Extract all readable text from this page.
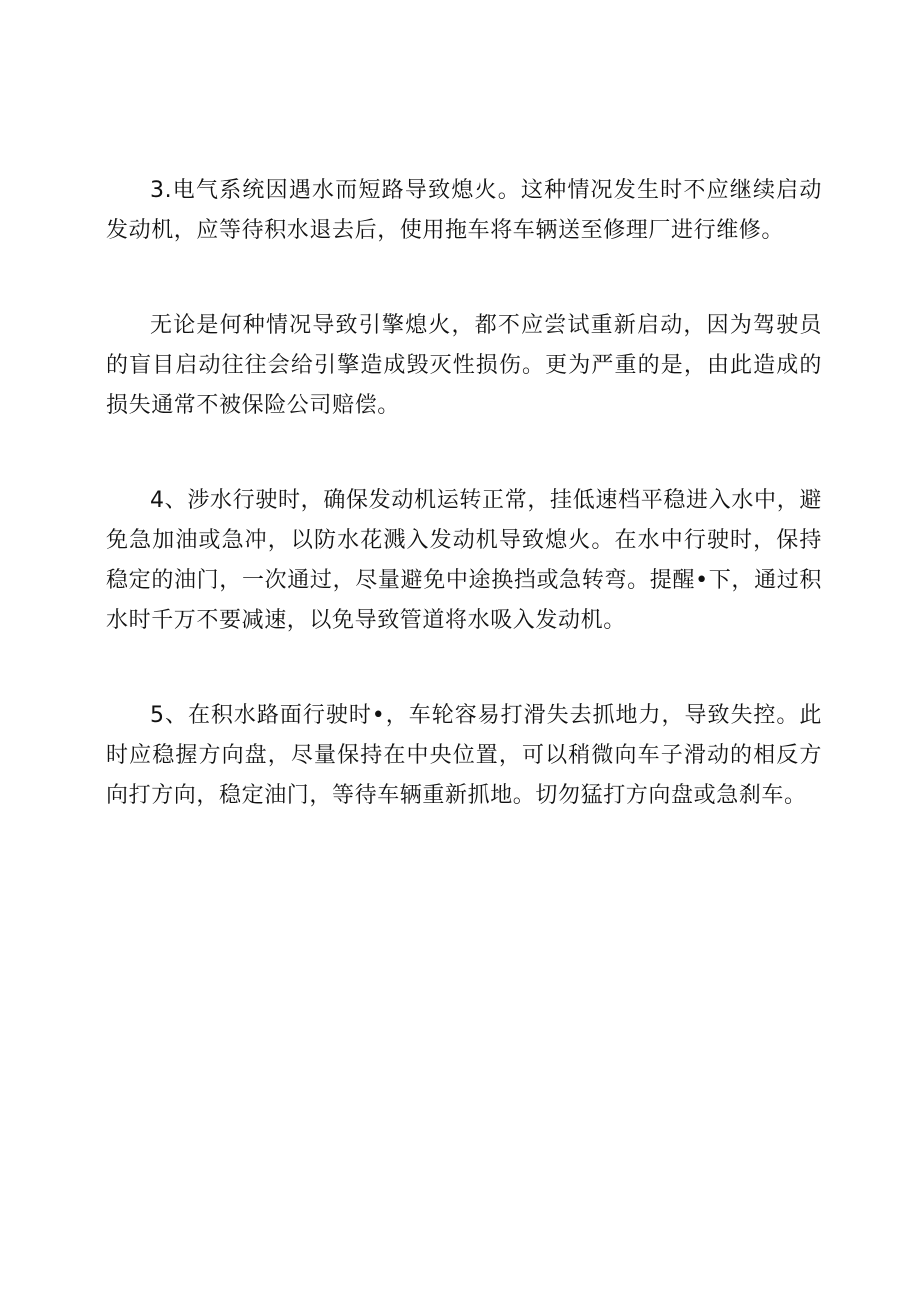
3.电气系统因遇水而短路导致熄火。这种情况发生时不应继续启动发动机，应等待积水退去后，使用拖车将车辆送至修理厂进行维修。

无论是何种情况导致引擎熄火，都不应尝试重新启动，因为驾驶员的盲目启动往往会给引擎造成毁灭性损伤。更为严重的是，由此造成的损失通常不被保险公司赔偿。

4、涉水行驶时，确保发动机运转正常，挂低速档平稳进入水中，避免急加油或急冲，以防水花溅入发动机导致熄火。在水中行驶时，保持稳定的油门，一次通过，尽量避免中途换挡或急转弯。提醒•下，通过积水时千万不要减速，以免导致管道将水吸入发动机。

5、在积水路面行驶时•，车轮容易打滑失去抓地力，导致失控。此时应稳握方向盘，尽量保持在中央位置，可以稍微向车子滑动的相反方向打方向，稳定油门，等待车辆重新抓地。切勿猛打方向盘或急刹车。
